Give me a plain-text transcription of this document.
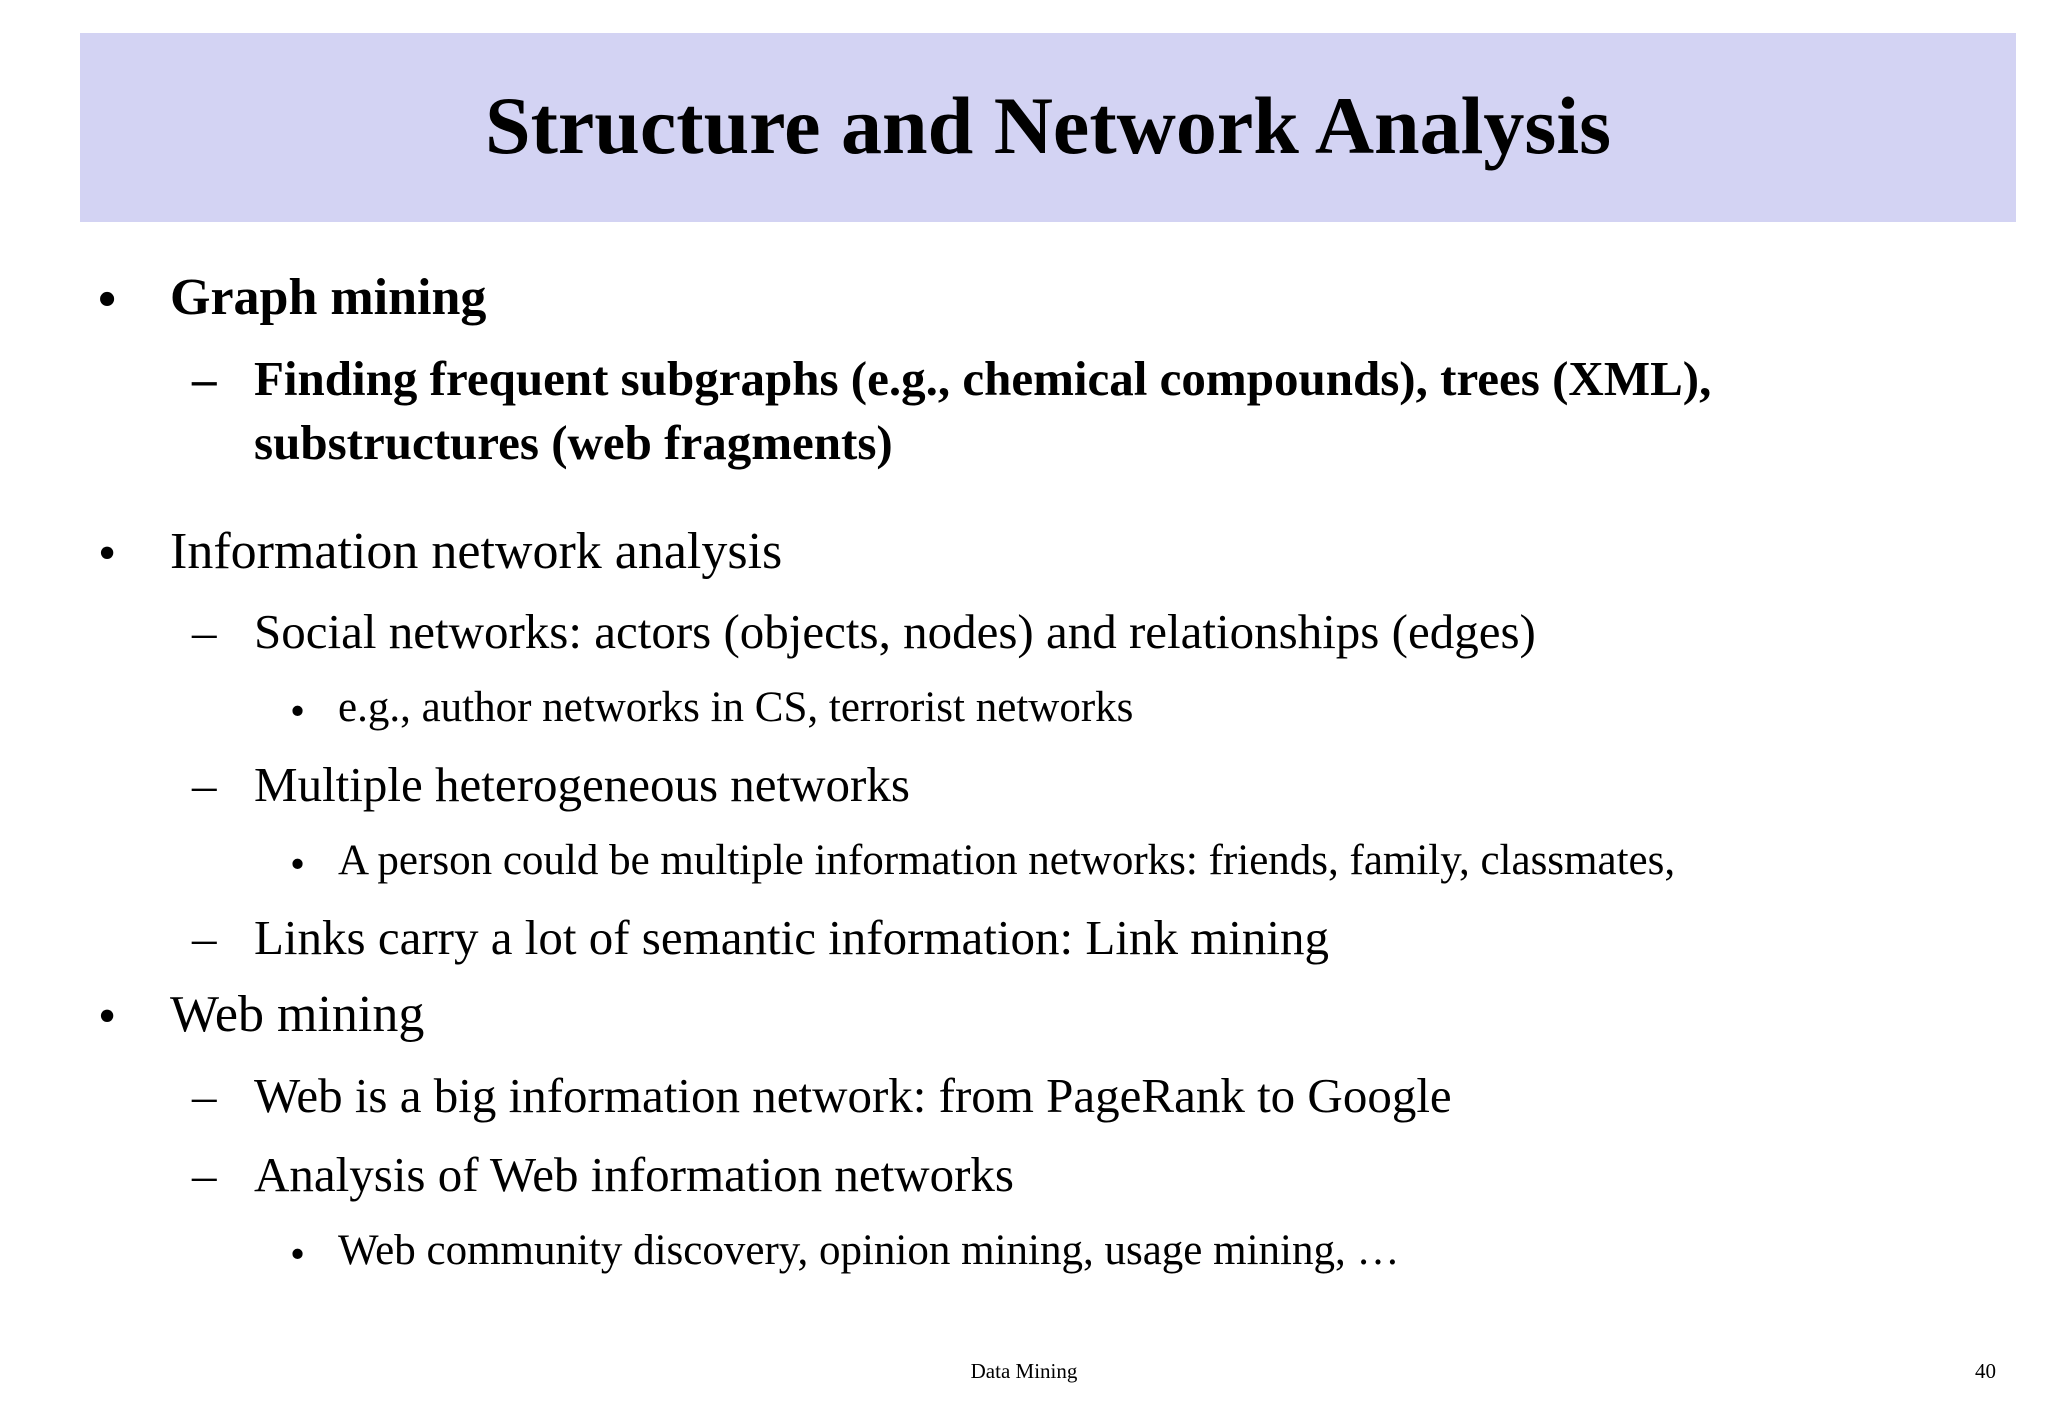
Structure and Network Analysis
• Graph mining
– Finding frequent subgraphs (e.g., chemical compounds), trees (XML),
substructures (web fragments)
• Information network analysis
– Social networks: actors (objects, nodes) and relationships (edges)
• e.g., author networks in CS, terrorist networks
– Multiple heterogeneous networks
• A person could be multiple information networks: friends, family, classmates,
– Links carry a lot of semantic information: Link mining
• Web mining
– Web is a big information network: from PageRank to Google
– Analysis of Web information networks
• Web community discovery, opinion mining, usage mining, …
Data Mining	40
